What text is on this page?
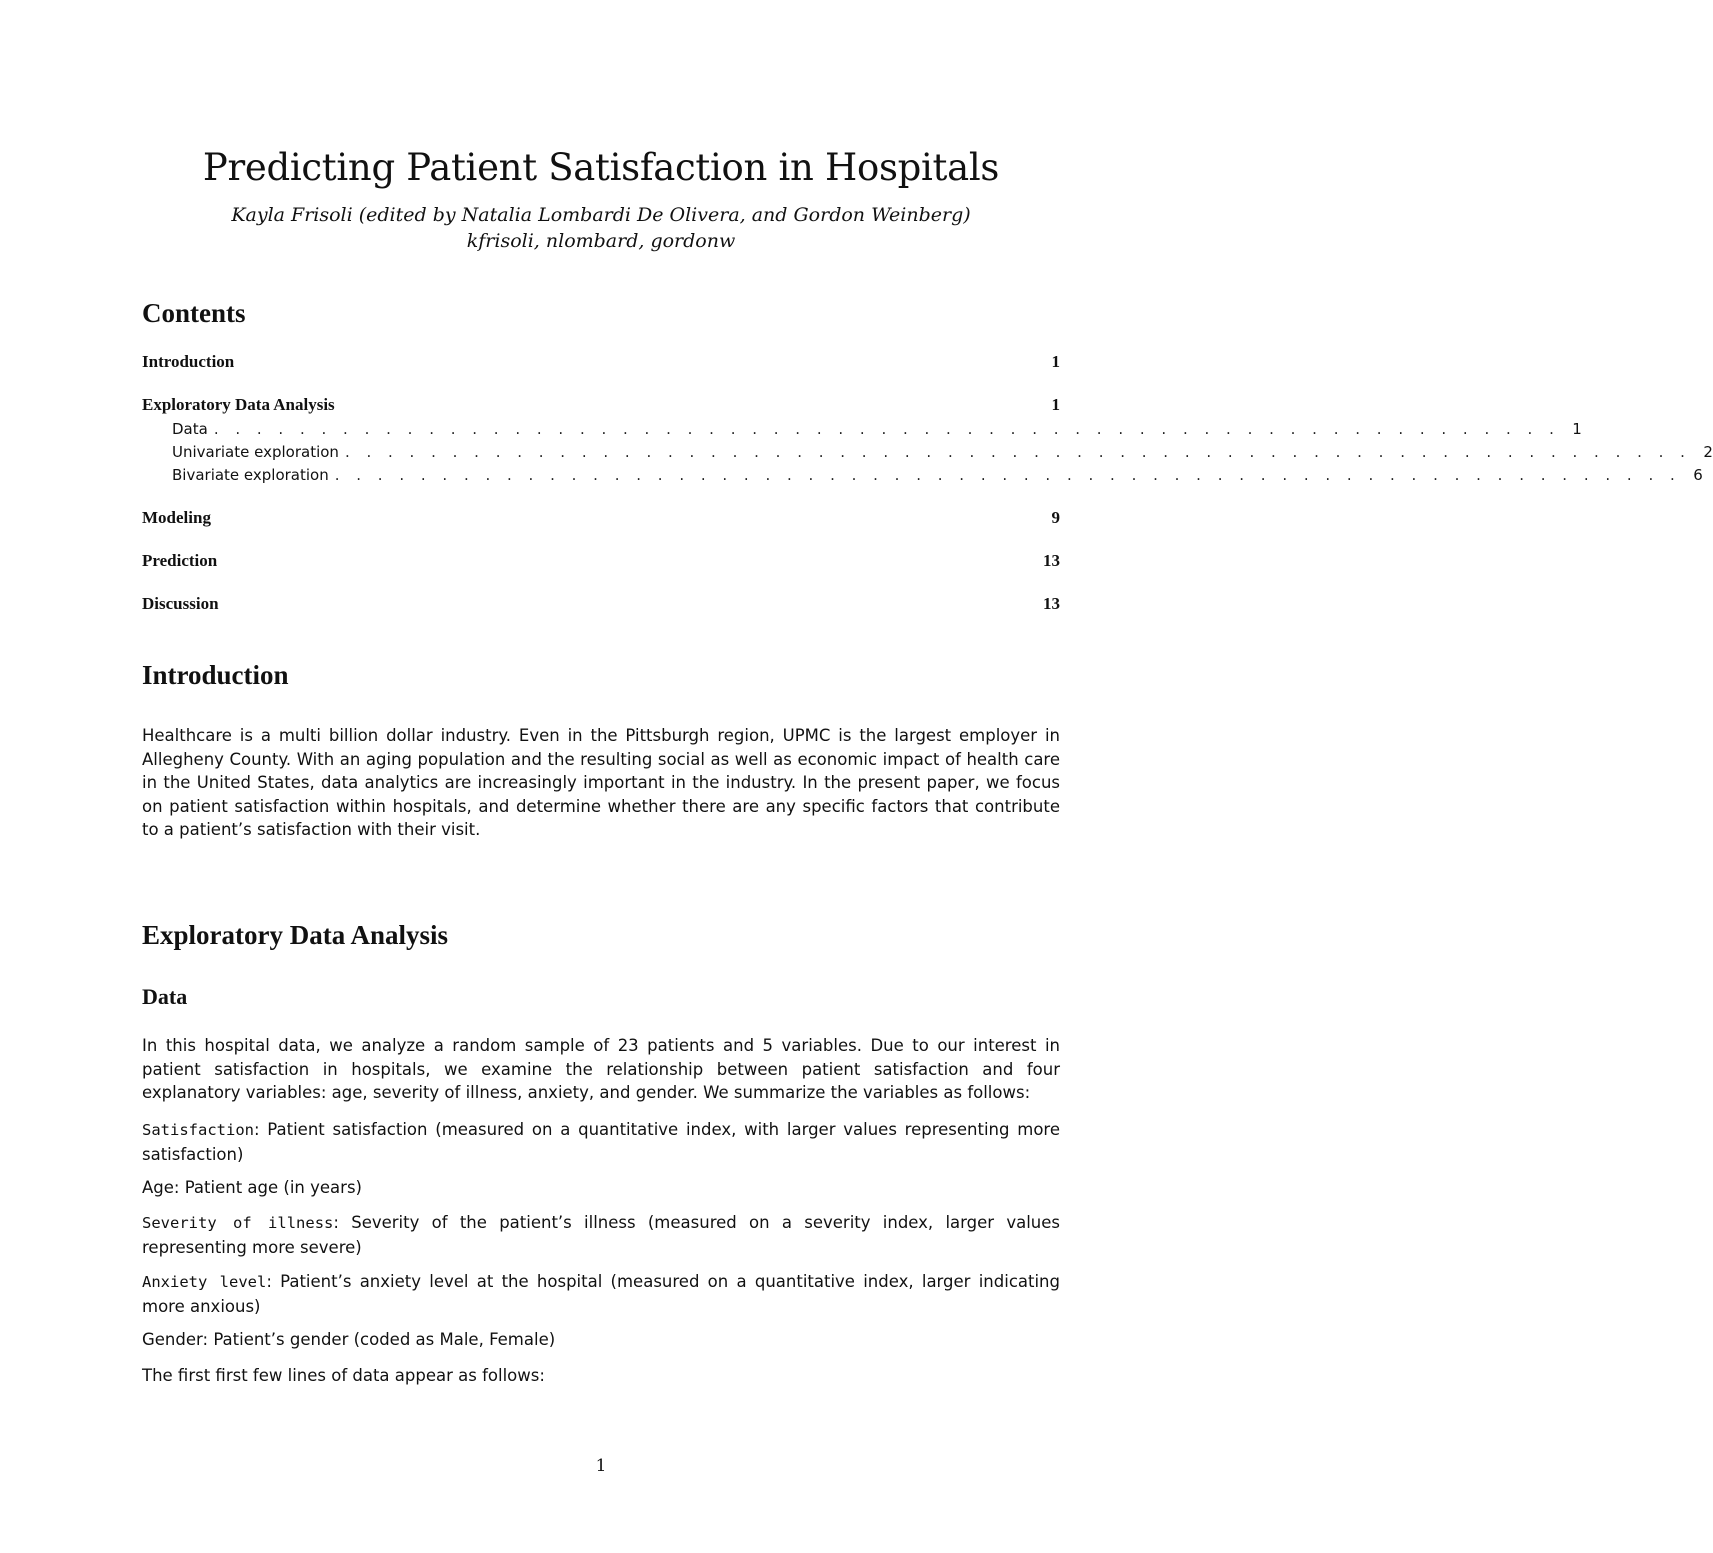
Predicting Patient Satisfaction in Hospitals
Kayla Frisoli (edited by Natalia Lombardi De Olivera, and Gordon Weinberg)
kfrisoli, nlombard, gordonw
Contents
Introduction	1
Exploratory Data Analysis	1
Data . . . . . . . . . . . . . . . . . . . . . . . . . . . . . . . . . . . . . . . . . . . . . . . . . . . . . . . . . . . . . . . 1
Univariate exploration . . . . . . . . . . . . . . . . . . . . . . . . . . . . . . . . . . . . . . . . . . . . . . . . . . . . . . . . . . . . . . . 2
Bivariate exploration . . . . . . . . . . . . . . . . . . . . . . . . . . . . . . . . . . . . . . . . . . . . . . . . . . . . . . . . . . . . . . . 6
Modeling	9
Prediction	13
Discussion	13
Introduction

Healthcare is a multi billion dollar industry. Even in the Pittsburgh region, UPMC is the largest employer in Allegheny County. With an aging population and the resulting social as well as economic impact of health care in the United States, data analytics are increasingly important in the industry. In the present paper, we focus on patient satisfaction within hospitals, and determine whether there are any specific factors that contribute to a patient’s satisfaction with their visit.

Exploratory Data Analysis
Data

In this hospital data, we analyze a random sample of 23 patients and 5 variables. Due to our interest in patient satisfaction in hospitals, we examine the relationship between patient satisfaction and four explanatory variables: age, severity of illness, anxiety, and gender. We summarize the variables as follows:

Satisfaction: Patient satisfaction (measured on a quantitative index, with larger values representing more satisfaction)

Age: Patient age (in years)

Severity of illness: Severity of the patient’s illness (measured on a severity index, larger values representing more severe)

Anxiety level: Patient’s anxiety level at the hospital (measured on a quantitative index, larger indicating more anxious)

Gender: Patient’s gender (coded as Male, Female)

The first first few lines of data appear as follows:

1
